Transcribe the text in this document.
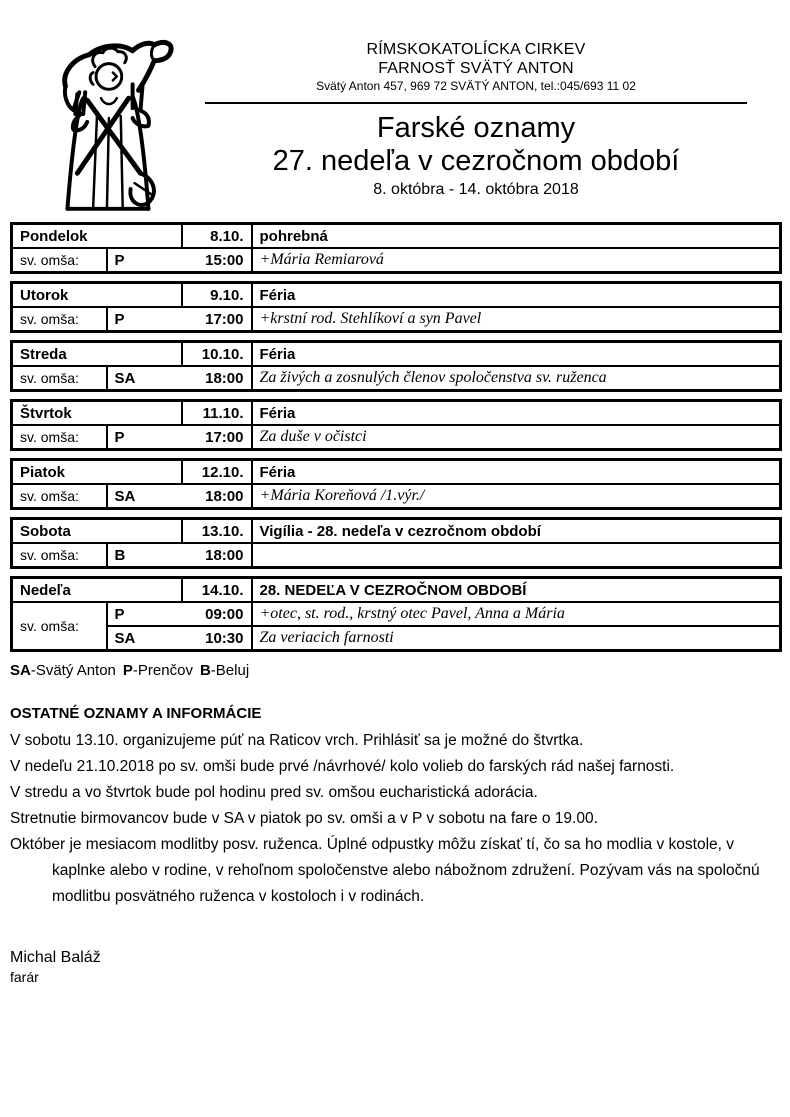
RÍMSKOKATOLÍCKA CIRKEV
FARNOSŤ SVÄTÝ ANTON
Svätý Anton 457, 969 72 SVÄTÝ ANTON, tel.:045/693 11 02
Farské oznamy
27. nedeľa v cezročnom období
8. októbra - 14. októbra 2018
Pondelok		8.10.	pohrebná
sv. omša:	P	15:00	+Mária Remiarová
Utorok		9.10.	Féria
sv. omša:	P	17:00	+krstní rod. Stehlíkoví a syn Pavel
Streda		10.10.	Féria
sv. omša:	SA	18:00	Za živých a zosnulých členov spoločenstva sv. ruženca
Štvrtok		11.10.	Féria
sv. omša:	P	17:00	Za duše v očistci
Piatok		12.10.	Féria
sv. omša:	SA	18:00	+Mária Koreňová /1.výr./
Sobota		13.10.	Vigília - 28. nedeľa v cezročnom období
sv. omša:	B	18:00	
Nedeľa		14.10.	28. NEDEĽA V CEZROČNOM OBDOBÍ
sv. omša:	P	09:00	+otec, st. rod., krstný otec Pavel, Anna a Mária
	SA	10:30	Za veriacich farnosti
SA-Svätý Anton P-Prenčov B-Beluj
OSTATNÉ OZNAMY A INFORMÁCIE
V sobotu 13.10. organizujeme púť na Raticov vrch. Prihlásiť sa je možné do štvrtka.
V nedeľu 21.10.2018 po sv. omši bude prvé /návrhové/ kolo volieb do farských rád našej farnosti.
V stredu a vo štvrtok bude pol hodinu pred sv. omšou eucharistická adorácia.
Stretnutie birmovancov bude v SA v piatok po sv. omši a v P v sobotu na fare o 19.00.
Október je mesiacom modlitby posv. ruženca. Úplné odpustky môžu získať tí, čo sa ho modlia v kostole, v kaplnke alebo v rodine, v rehoľnom spoločenstve alebo nábožnom združení. Pozývam vás na spoločnú modlitbu posvätného ruženca v kostoloch i v rodinách.
Michal Baláž
farár
